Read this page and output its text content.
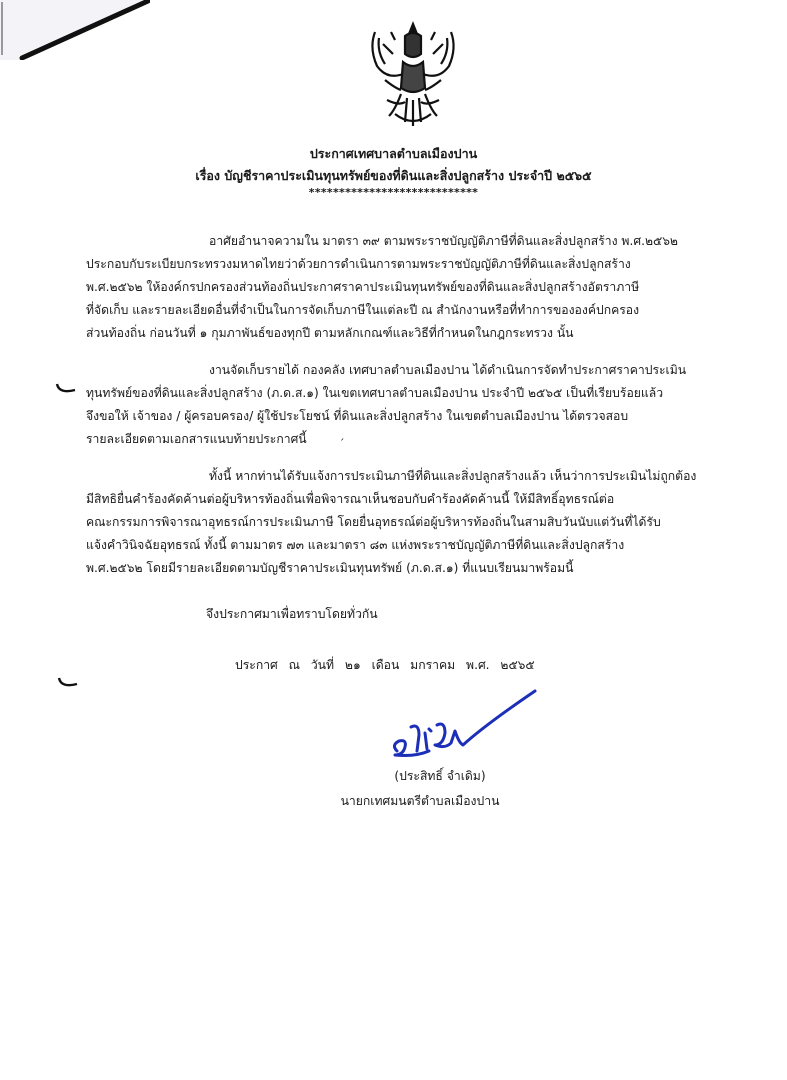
ประกาศเทศบาลตำบลเมืองปาน
เรื่อง บัญชีราคาประเมินทุนทรัพย์ของที่ดินและสิ่งปลูกสร้าง ประจำปี ๒๕๖๕
****************************
อาศัยอำนาจความใน มาตรา ๓๙ ตามพระราชบัญญัติภาษีที่ดินและสิ่งปลูกสร้าง พ.ศ.๒๕๖๒
ประกอบกับระเบียบกระทรวงมหาดไทยว่าด้วยการดำเนินการตามพระราชบัญญัติภาษีที่ดินและสิ่งปลูกสร้าง
พ.ศ.๒๕๖๒ ให้องค์กรปกครองส่วนท้องถิ่นประกาศราคาประเมินทุนทรัพย์ของที่ดินและสิ่งปลูกสร้างอัตราภาษี
ที่จัดเก็บ และรายละเอียดอื่นที่จำเป็นในการจัดเก็บภาษีในแต่ละปี ณ สำนักงานหรือที่ทำการขององค์ปกครอง
ส่วนท้องถิ่น ก่อนวันที่ ๑ กุมภาพันธ์ของทุกปี ตามหลักเกณฑ์และวิธีที่กำหนดในกฎกระทรวง นั้น
งานจัดเก็บรายได้ กองคลัง เทศบาลตำบลเมืองปาน ได้ดำเนินการจัดทำประกาศราคาประเมิน
ทุนทรัพย์ของที่ดินและสิ่งปลูกสร้าง (ภ.ด.ส.๑) ในเขตเทศบาลตำบลเมืองปาน ประจำปี ๒๕๖๕ เป็นที่เรียบร้อยแล้ว
จึงขอให้ เจ้าของ / ผู้ครอบครอง/ ผู้ใช้ประโยชน์ ที่ดินและสิ่งปลูกสร้าง ในเขตตำบลเมืองปาน ได้ตรวจสอบ
รายละเอียดตามเอกสารแนบท้ายประกาศนี้	ˊ
ทั้งนี้ หากท่านได้รับแจ้งการประเมินภาษีที่ดินและสิ่งปลูกสร้างแล้ว เห็นว่าการประเมินไม่ถูกต้อง
มีสิทธิยื่นคำร้องคัดค้านต่อผู้บริหารท้องถิ่นเพื่อพิจารณาเห็นชอบกับคำร้องคัดค้านนี้ ให้มีสิทธิ์อุทธรณ์ต่อ
คณะกรรมการพิจารณาอุทธรณ์การประเมินภาษี โดยยื่นอุทธรณ์ต่อผู้บริหารท้องถิ่นในสามสิบวันนับแต่วันที่ได้รับ
แจ้งคำวินิจฉัยอุทธรณ์ ทั้งนี้ ตามมาตร ๗๓ และมาตรา ๘๓ แห่งพระราชบัญญัติภาษีที่ดินและสิ่งปลูกสร้าง
พ.ศ.๒๕๖๒ โดยมีรายละเอียดตามบัญชีราคาประเมินทุนทรัพย์ (ภ.ด.ส.๑) ที่แนบเรียนมาพร้อมนี้
จึงประกาศมาเพื่อทราบโดยทั่วกัน
ประกาศ ณ วันที่ ๒๑ เดือน มกราคม พ.ศ. ๒๕๖๕
(ประสิทธิ์ จำเดิม)
นายกเทศมนตรีตำบลเมืองปาน
